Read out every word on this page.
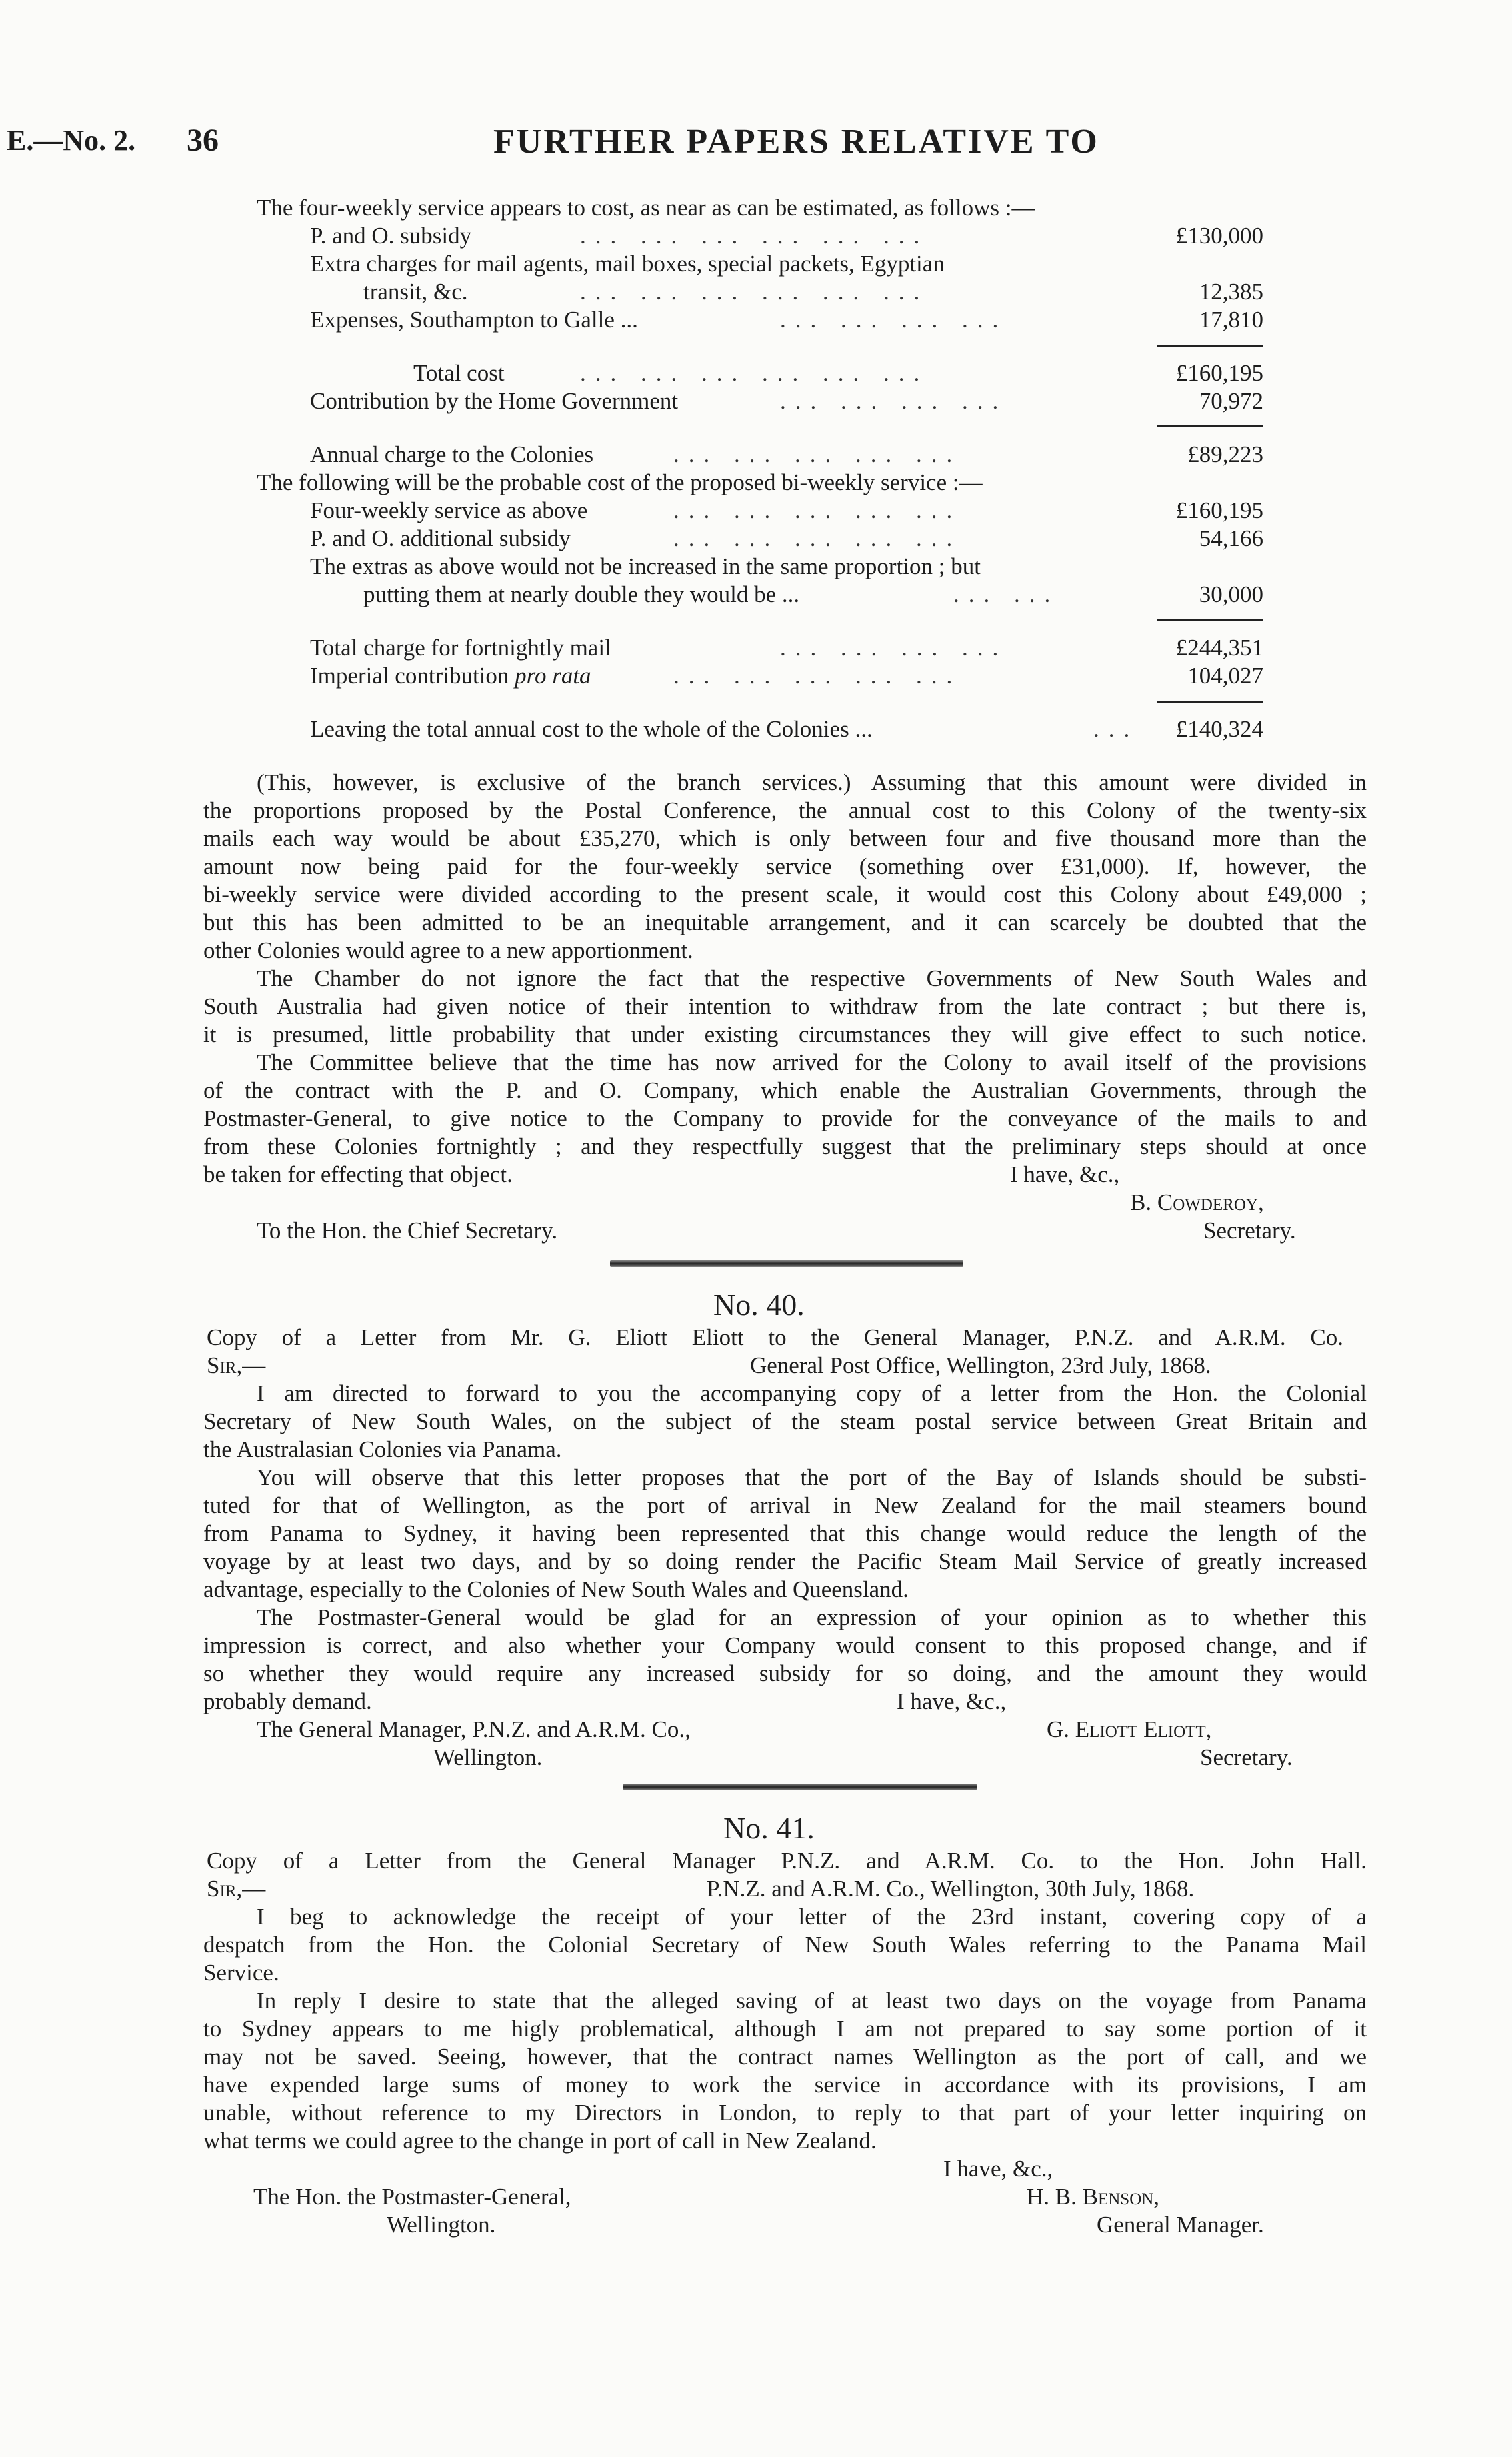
E.—No. 2. 36	FURTHER PAPERS RELATIVE TO
The four-weekly service appears to cost, as near as can be estimated, as follows :—
P. and O. subsidy	... ... ... ... ... ...	£130,000
Extra charges for mail agents, mail boxes, special packets, Egyptian
transit, &c.	... ... ... ... ... ...	12,385
Expenses, Southampton to Galle ...	... ... ... ...	17,810
Total cost	... ... ... ... ... ...	£160,195
Contribution by the Home Government	... ... ... ...	70,972
Annual charge to the Colonies	... ... ... ... ...	£89,223
The following will be the probable cost of the proposed bi-weekly service :—
Four-weekly service as above	... ... ... ... ...	£160,195
P. and O. additional subsidy	... ... ... ... ...	54,166
The extras as above would not be increased in the same proportion ; but
putting them at nearly double they would be ...	... ...	30,000
Total charge for fortnightly mail	... ... ... ...	£244,351
Imperial contribution pro rata	... ... ... ... ...	104,027
Leaving the total annual cost to the whole of the Colonies ...	...	£140,324
(This, however, is exclusive of the branch services.) Assuming that this amount were divided in
the proportions proposed by the Postal Conference, the annual cost to this Colony of the twenty-six
mails each way would be about £35,270, which is only between four and five thousand more than the
amount now being paid for the four-weekly service (something over £31,000). If, however, the
bi-weekly service were divided according to the present scale, it would cost this Colony about £49,000 ;
but this has been admitted to be an inequitable arrangement, and it can scarcely be doubted that the
other Colonies would agree to a new apportionment.
The Chamber do not ignore the fact that the respective Governments of New South Wales and
South Australia had given notice of their intention to withdraw from the late contract ; but there is,
it is presumed, little probability that under existing circumstances they will give effect to such notice.
The Committee believe that the time has now arrived for the Colony to avail itself of the provisions
of the contract with the P. and O. Company, which enable the Australian Governments, through the
Postmaster-General, to give notice to the Company to provide for the conveyance of the mails to and
from these Colonies fortnightly ; and they respectfully suggest that the preliminary steps should at once
be taken for effecting that object.	I have, &c.,
B. Cowderoy,
To the Hon. the Chief Secretary.	Secretary.
No. 40.
Copy of a Letter from Mr. G. Eliott Eliott to the General Manager, P.N.Z. and A.R.M. Co.
Sir,—	General Post Office, Wellington, 23rd July, 1868.
I am directed to forward to you the accompanying copy of a letter from the Hon. the Colonial
Secretary of New South Wales, on the subject of the steam postal service between Great Britain and
the Australasian Colonies via Panama.
You will observe that this letter proposes that the port of the Bay of Islands should be substi-
tuted for that of Wellington, as the port of arrival in New Zealand for the mail steamers bound
from Panama to Sydney, it having been represented that this change would reduce the length of the
voyage by at least two days, and by so doing render the Pacific Steam Mail Service of greatly increased
advantage, especially to the Colonies of New South Wales and Queensland.
The Postmaster-General would be glad for an expression of your opinion as to whether this
impression is correct, and also whether your Company would consent to this proposed change, and if
so whether they would require any increased subsidy for so doing, and the amount they would
probably demand.	I have, &c.,
The General Manager, P.N.Z. and A.R.M. Co.,	G. Eliott Eliott,
Wellington.	Secretary.
No. 41.
Copy of a Letter from the General Manager P.N.Z. and A.R.M. Co. to the Hon. John Hall.
Sir,—	P.N.Z. and A.R.M. Co., Wellington, 30th July, 1868.
I beg to acknowledge the receipt of your letter of the 23rd instant, covering copy of a
despatch from the Hon. the Colonial Secretary of New South Wales referring to the Panama Mail
Service.
In reply I desire to state that the alleged saving of at least two days on the voyage from Panama
to Sydney appears to me higly problematical, although I am not prepared to say some portion of it
may not be saved. Seeing, however, that the contract names Wellington as the port of call, and we
have expended large sums of money to work the service in accordance with its provisions, I am
unable, without reference to my Directors in London, to reply to that part of your letter inquiring on
what terms we could agree to the change in port of call in New Zealand.
I have, &c.,
The Hon. the Postmaster-General,	H. B. Benson,
Wellington.	General Manager.
